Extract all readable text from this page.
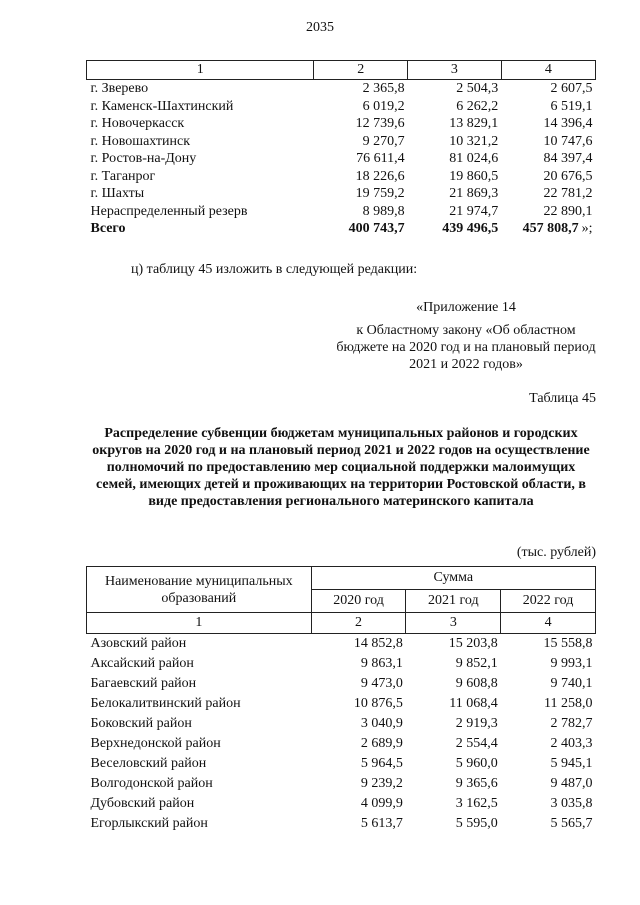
2035
1	2	3	4
г. Зверево	2 365,8	2 504,3	2 607,5
г. Каменск-Шахтинский	6 019,2	6 262,2	6 519,1
г. Новочеркасск	12 739,6	13 829,1	14 396,4
г. Новошахтинск	9 270,7	10 321,2	10 747,6
г. Ростов-на-Дону	76 611,4	81 024,6	84 397,4
г. Таганрог	18 226,6	19 860,5	20 676,5
г. Шахты	19 759,2	21 869,3	22 781,2
Нераспределенный резерв	8 989,8	21 974,7	22 890,1
Всего	400 743,7	439 496,5	457 808,7 »;
ц) таблицу 45 изложить в следующей редакции:
«Приложение 14
к Областному закону «Об областном бюджете на 2020 год и на плановый период 2021 и 2022 годов»
Таблица 45
Распределение субвенции бюджетам муниципальных районов и городских округов на 2020 год и на плановый период 2021 и 2022 годов на осуществление полномочий по предоставлению мер социальной поддержки малоимущих семей, имеющих детей и проживающих на территории Ростовской области, в виде предоставления регионального материнского капитала
(тыс. рублей)
Наименование муниципальных образований	Сумма		
	2020 год	2021 год	2022 год
1	2	3	4
Азовский район	14 852,8	15 203,8	15 558,8
Аксайский район	9 863,1	9 852,1	9 993,1
Багаевский район	9 473,0	9 608,8	9 740,1
Белокалитвинский район	10 876,5	11 068,4	11 258,0
Боковский район	3 040,9	2 919,3	2 782,7
Верхнедонской район	2 689,9	2 554,4	2 403,3
Веселовский район	5 964,5	5 960,0	5 945,1
Волгодонской район	9 239,2	9 365,6	9 487,0
Дубовский район	4 099,9	3 162,5	3 035,8
Егорлыкский район	5 613,7	5 595,0	5 565,7
